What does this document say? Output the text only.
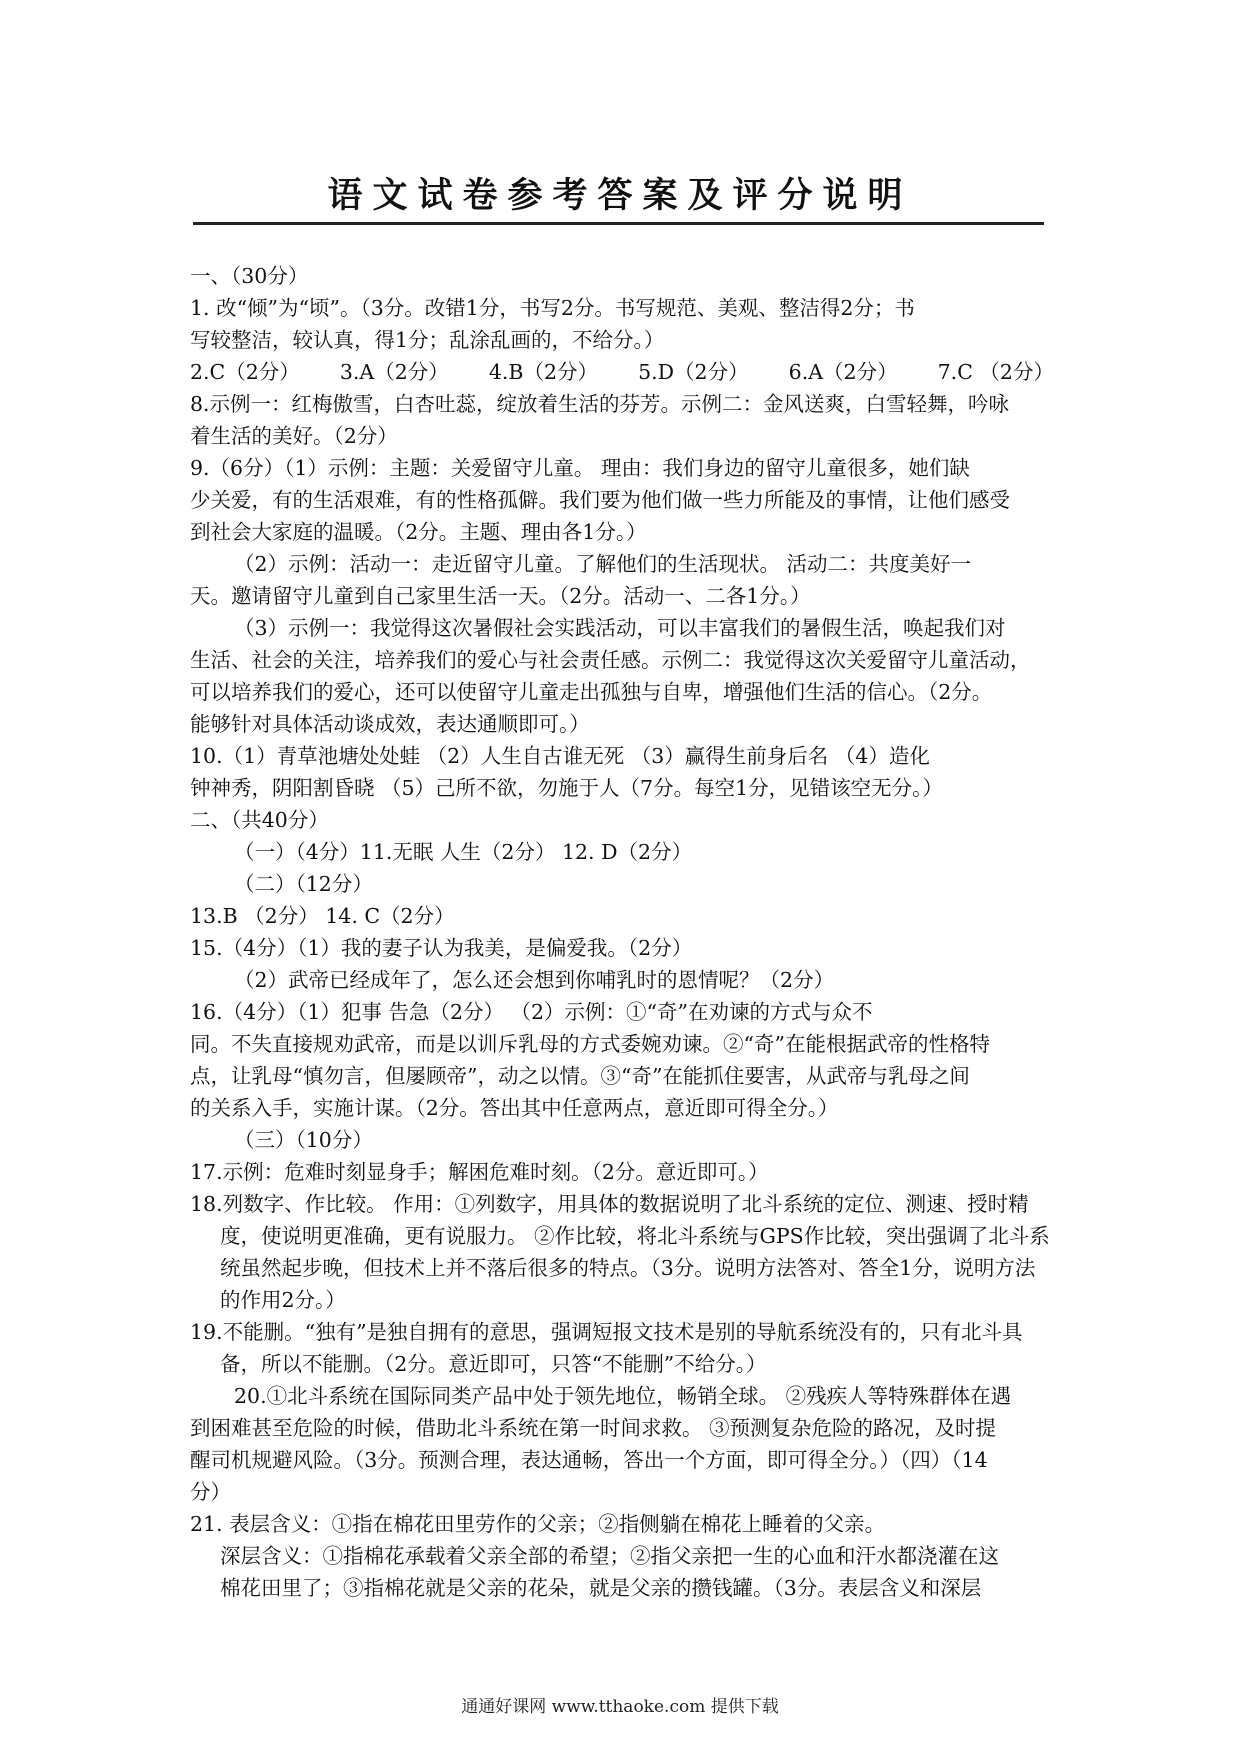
语文试卷参考答案及评分说明

一、（30分）

1. 改“倾”为“顷”。（3分。改错1分，书写2分。书写规范、美观、整洁得2分；书

写较整洁，较认真，得1分；乱涂乱画的，不给分。）

2.C（2分） 3.A（2分） 4.B（2分） 5.D（2分） 6.A（2分） 7.C （2分）

8.示例一：红梅傲雪，白杏吐蕊，绽放着生活的芬芳。示例二：金风送爽，白雪轻舞，吟咏

着生活的美好。（2分）

9.（6分）（1）示例：主题：关爱留守儿童。 理由：我们身边的留守儿童很多，她们缺

少关爱，有的生活艰难，有的性格孤僻。我们要为他们做一些力所能及的事情，让他们感受

到社会大家庭的温暖。（2分。主题、理由各1分。）

（2）示例：活动一：走近留守儿童。了解他们的生活现状。 活动二：共度美好一

天。邀请留守儿童到自己家里生活一天。（2分。活动一、二各1分。）

（3）示例一：我觉得这次暑假社会实践活动，可以丰富我们的暑假生活，唤起我们对

生活、社会的关注，培养我们的爱心与社会责任感。示例二：我觉得这次关爱留守儿童活动，

可以培养我们的爱心，还可以使留守儿童走出孤独与自卑，增强他们生活的信心。（2分。

能够针对具体活动谈成效，表达通顺即可。）

10.（1）青草池塘处处蛙 （2）人生自古谁无死 （3）赢得生前身后名 （4）造化

钟神秀，阴阳割昏晓 （5）己所不欲，勿施于人（7分。每空1分，见错该空无分。）

二、（共40分）

（一）（4分）11.无眠 人生（2分） 12. D（2分）

（二）（12分）

13.B （2分） 14. C（2分）

15.（4分）（1）我的妻子认为我美，是偏爱我。（2分）

（2）武帝已经成年了，怎么还会想到你哺乳时的恩情呢？（2分）

16.（4分）（1）犯事 告急（2分） （2）示例：①“奇”在劝谏的方式与众不

同。不失直接规劝武帝，而是以训斥乳母的方式委婉劝谏。②“奇”在能根据武帝的性格特

点，让乳母“慎勿言，但屡顾帝”，动之以情。③“奇”在能抓住要害，从武帝与乳母之间

的关系入手，实施计谋。（2分。答出其中任意两点，意近即可得全分。）

（三）（10分）

17.示例：危难时刻显身手；解困危难时刻。（2分。意近即可。）

18.列数字、作比较。 作用：①列数字，用具体的数据说明了北斗系统的定位、测速、授时精度，使说明更准确，更有说服力。 ②作比较，将北斗系统与GPS作比较，突出强调了北斗系统虽然起步晚，但技术上并不落后很多的特点。（3分。说明方法答对、答全1分，说明方法的作用2分。）

19.不能删。“独有”是独自拥有的意思，强调短报文技术是别的导航系统没有的，只有北斗具备，所以不能删。（2分。意近即可，只答“不能删”不给分。）

20.①北斗系统在国际同类产品中处于领先地位，畅销全球。 ②残疾人等特殊群体在遇

到困难甚至危险的时候，借助北斗系统在第一时间求救。 ③预测复杂危险的路况，及时提

醒司机规避风险。（3分。预测合理，表达通畅，答出一个方面，即可得全分。）（四）（14

分）

21. 表层含义：①指在棉花田里劳作的父亲；②指侧躺在棉花上睡着的父亲。

深层含义：①指棉花承载着父亲全部的希望；②指父亲把一生的心血和汗水都浇灌在这

棉花田里了；③指棉花就是父亲的花朵，就是父亲的攒钱罐。（3分。表层含义和深层

通通好课网 www.tthaoke.com 提供下载
